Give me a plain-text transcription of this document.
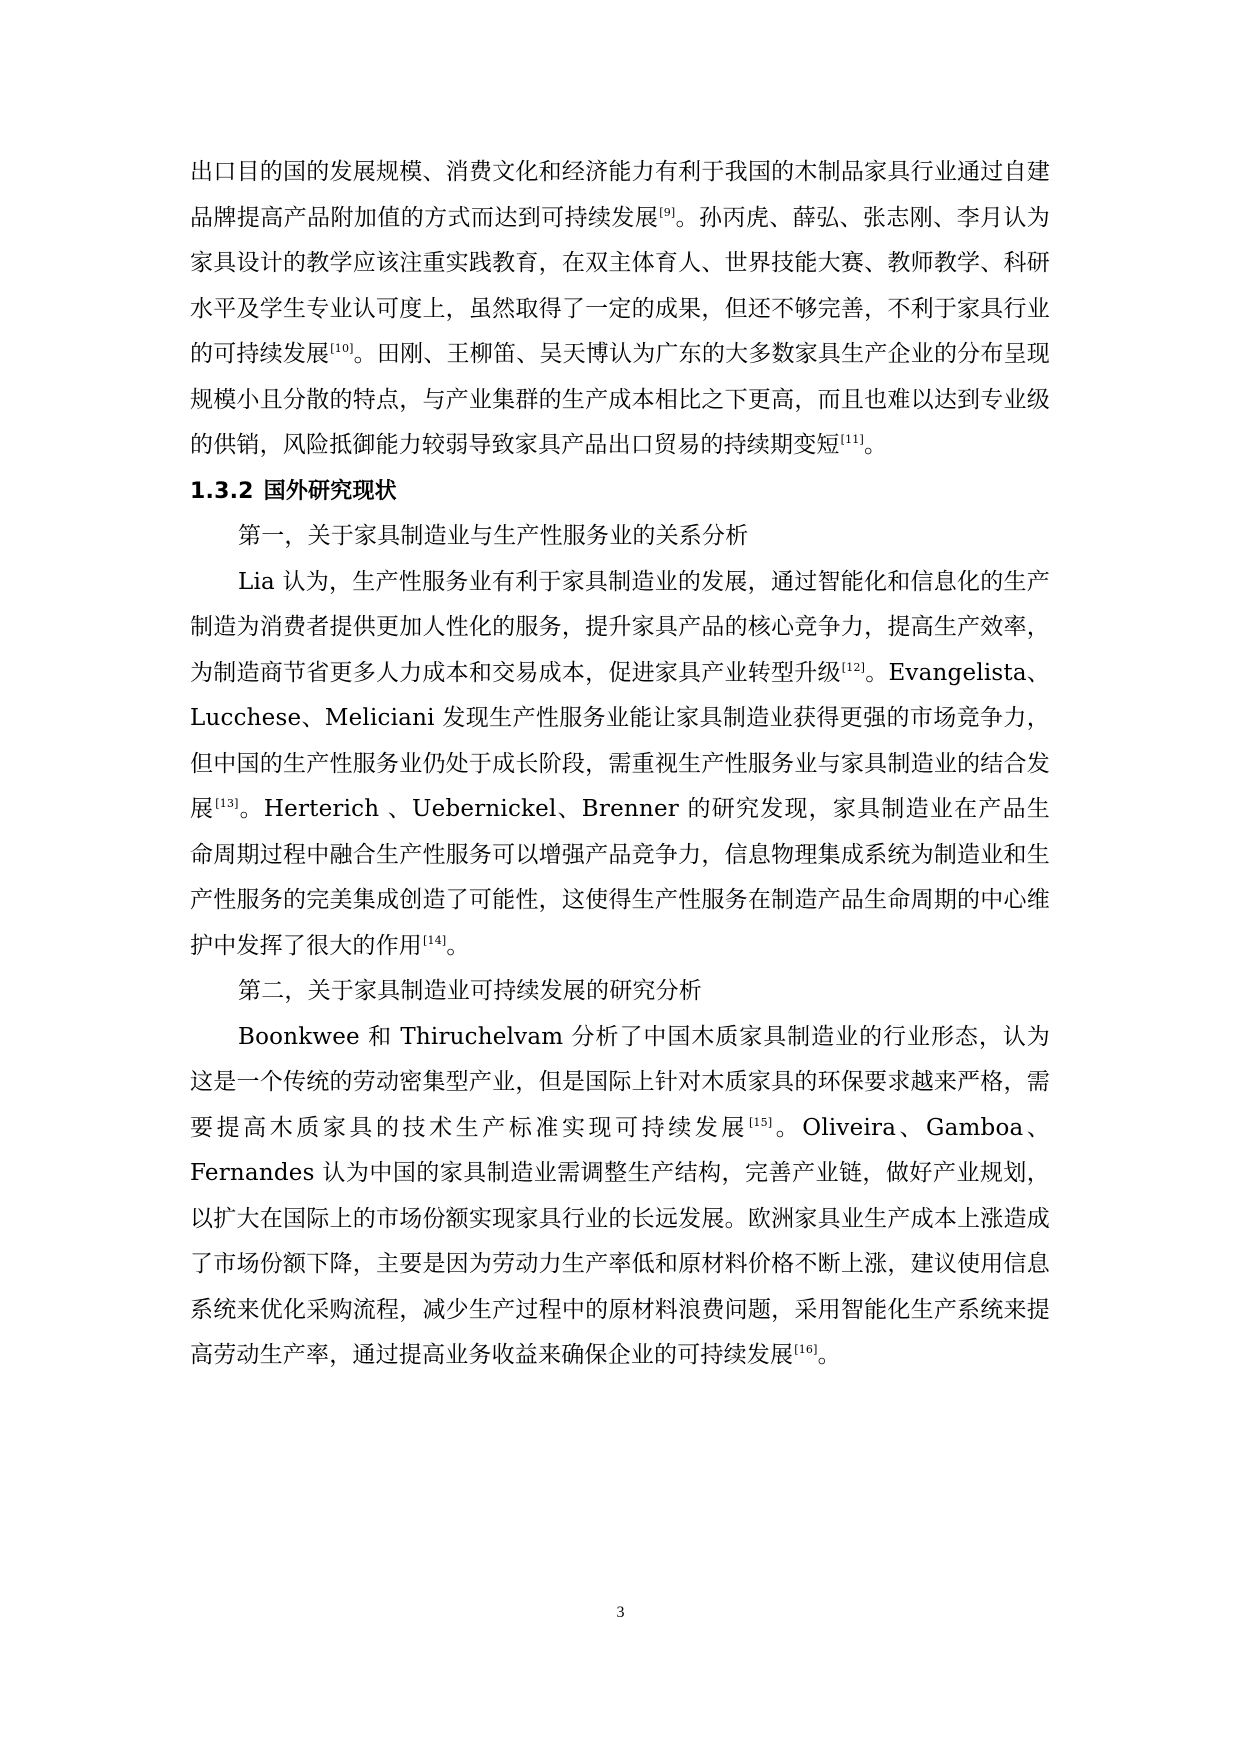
出口目的国的发展规模、消费文化和经济能力有利于我国的木制品家具行业通过自建品牌提高产品附加值的方式而达到可持续发展[9]。孙丙虎、薛弘、张志刚、李月认为家具设计的教学应该注重实践教育，在双主体育人、世界技能大赛、教师教学、科研水平及学生专业认可度上，虽然取得了一定的成果，但还不够完善，不利于家具行业的可持续发展[10]。田刚、王柳笛、吴天博认为广东的大多数家具生产企业的分布呈现规模小且分散的特点，与产业集群的生产成本相比之下更高，而且也难以达到专业级的供销，风险抵御能力较弱导致家具产品出口贸易的持续期变短[11]。

1.3.2 国外研究现状

第一，关于家具制造业与生产性服务业的关系分析

Lia 认为，生产性服务业有利于家具制造业的发展，通过智能化和信息化的生产制造为消费者提供更加人性化的服务，提升家具产品的核心竞争力，提高生产效率，为制造商节省更多人力成本和交易成本，促进家具产业转型升级[12]。Evangelista、Lucchese、Meliciani 发现生产性服务业能让家具制造业获得更强的市场竞争力，但中国的生产性服务业仍处于成长阶段，需重视生产性服务业与家具制造业的结合发展[13]。Herterich 、Uebernickel、Brenner 的研究发现，家具制造业在产品生命周期过程中融合生产性服务可以增强产品竞争力，信息物理集成系统为制造业和生产性服务的完美集成创造了可能性，这使得生产性服务在制造产品生命周期的中心维护中发挥了很大的作用[14]。

第二，关于家具制造业可持续发展的研究分析

Boonkwee 和 Thiruchelvam 分析了中国木质家具制造业的行业形态，认为这是一个传统的劳动密集型产业，但是国际上针对木质家具的环保要求越来严格，需要提高木质家具的技术生产标准实现可持续发展[15]。Oliveira、Gamboa、Fernandes 认为中国的家具制造业需调整生产结构，完善产业链，做好产业规划，以扩大在国际上的市场份额实现家具行业的长远发展。欧洲家具业生产成本上涨造成了市场份额下降，主要是因为劳动力生产率低和原材料价格不断上涨，建议使用信息系统来优化采购流程，减少生产过程中的原材料浪费问题，采用智能化生产系统来提高劳动生产率，通过提高业务收益来确保企业的可持续发展[16]。

3
